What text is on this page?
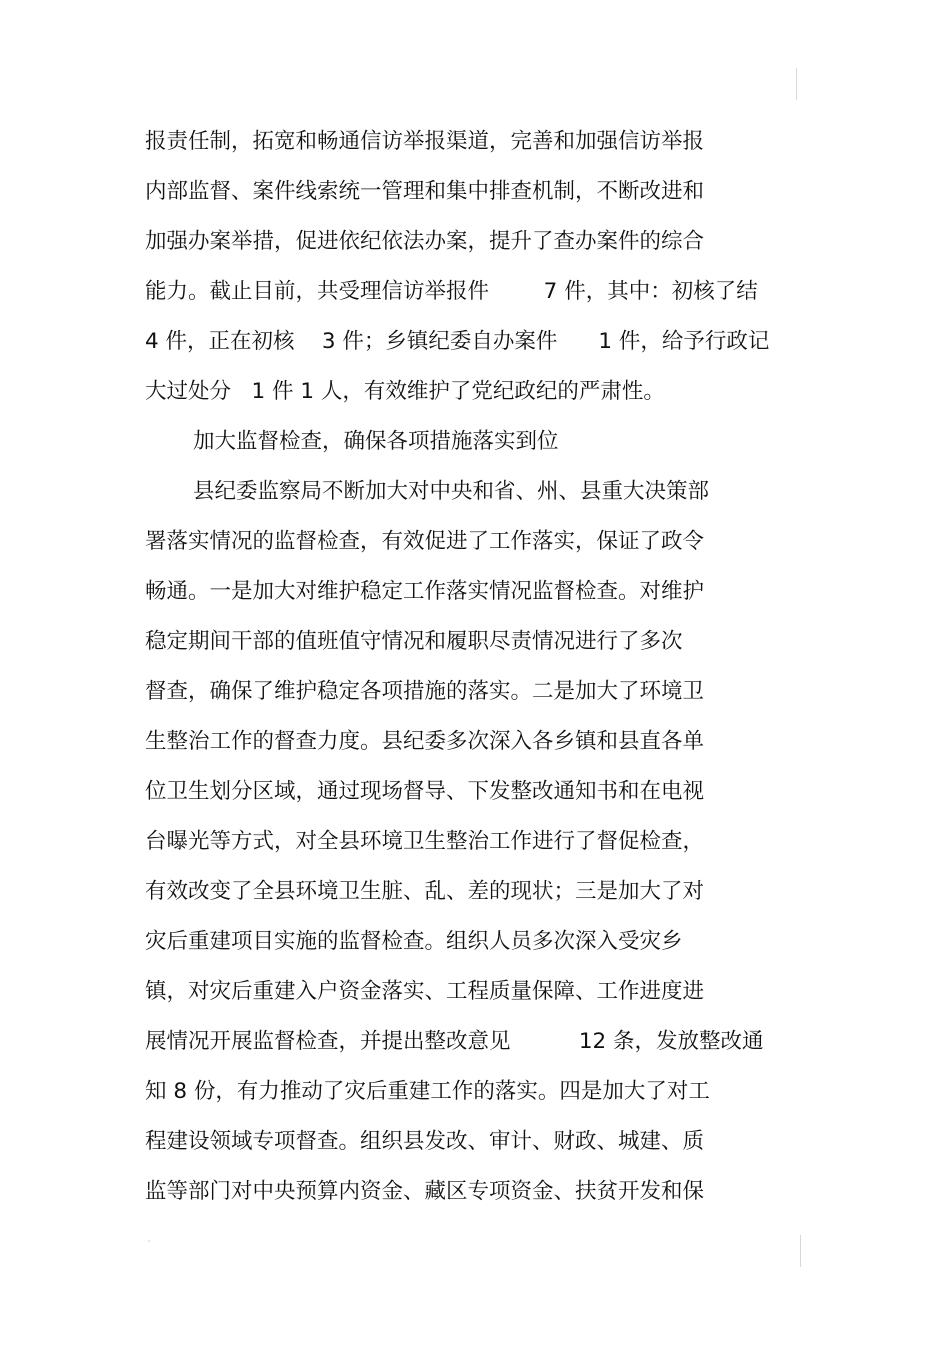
报责任制，拓宽和畅通信访举报渠道，完善和加强信访举报
内部监督、案件线索统一管理和集中排查机制，不断改进和
加强办案举措，促进依纪依法办案，提升了查办案件的综合
能力。截止目前，共受理信访举报件        7 件，其中：初核了结
4 件，正在初核    3 件；乡镇纪委自办案件      1 件，给予行政记
大过处分   1 件 1 人，有效维护了党纪政纪的严肃性。
加大监督检查，确保各项措施落实到位
县纪委监察局不断加大对中央和省、州、县重大决策部
署落实情况的监督检查，有效促进了工作落实，保证了政令
畅通。一是加大对维护稳定工作落实情况监督检查。对维护
稳定期间干部的值班值守情况和履职尽责情况进行了多次
督查，确保了维护稳定各项措施的落实。二是加大了环境卫
生整治工作的督查力度。县纪委多次深入各乡镇和县直各单
位卫生划分区域，通过现场督导、下发整改通知书和在电视
台曝光等方式，对全县环境卫生整治工作进行了督促检查，
有效改变了全县环境卫生脏、乱、差的现状；三是加大了对
灾后重建项目实施的监督检查。组织人员多次深入受灾乡
镇，对灾后重建入户资金落实、工程质量保障、工作进度进
展情况开展监督检查，并提出整改意见          12 条，发放整改通
知 8 份，有力推动了灾后重建工作的落实。四是加大了对工
程建设领域专项督查。组织县发改、审计、财政、城建、质
监等部门对中央预算内资金、藏区专项资金、扶贫开发和保
